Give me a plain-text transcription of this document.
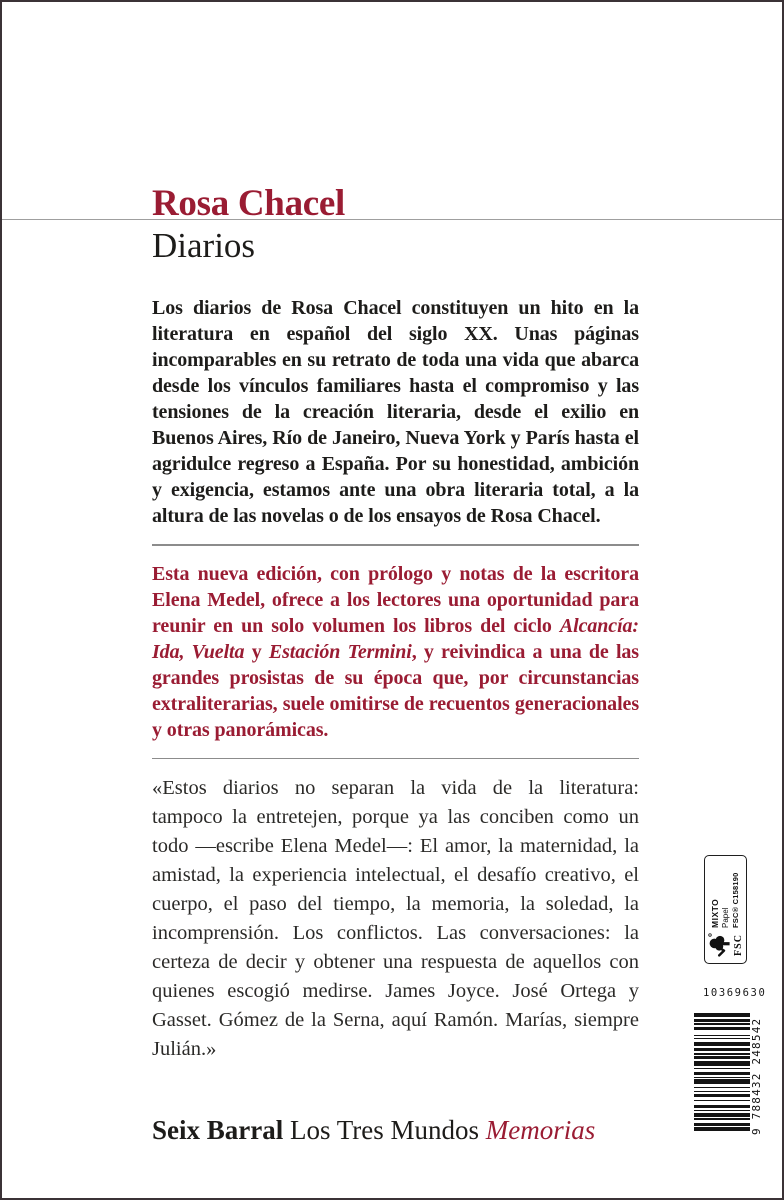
Rosa Chacel
Diarios

Los diarios de Rosa Chacel constituyen un hito en la literatura en español del siglo XX. Unas páginas incomparables en su retrato de toda una vida que abarca desde los vínculos familiares hasta el compromiso y las tensiones de la creación literaria, desde el exilio en Buenos Aires, Río de Janeiro, Nueva York y París hasta el agridulce regreso a España. Por su honestidad, ambición y exigencia, estamos ante una obra literaria total, a la altura de las novelas o de los ensayos de Rosa Chacel.

Esta nueva edición, con prólogo y notas de la escritora Elena Medel, ofrece a los lectores una oportunidad para reunir en un solo volumen los libros del ciclo Alcancía: Ida, Vuelta y Estación Termini, y reivindica a una de las grandes prosistas de su época que, por circunstancias extraliterarias, suele omitirse de recuentos generacionales y otras panorámicas.

«Estos diarios no separan la vida de la literatura: tampoco la entretejen, porque ya las conciben como un todo —escribe Elena Medel—: El amor, la maternidad, la amistad, la experiencia intelectual, el desafío creativo, el cuerpo, el paso del tiempo, la memoria, la soledad, la incomprensión. Los conflictos. Las conversaciones: la certeza de decir y obtener una respuesta de aquellos con quienes escogió medirse. James Joyce. José Ortega y Gasset. Gómez de la Serna, aquí Ramón. Marías, siempre Julián.»

Seix Barral Los Tres Mundos Memorias
FSC
MIXTO Papel FSC® C158190
10369630
9 788432 248542
